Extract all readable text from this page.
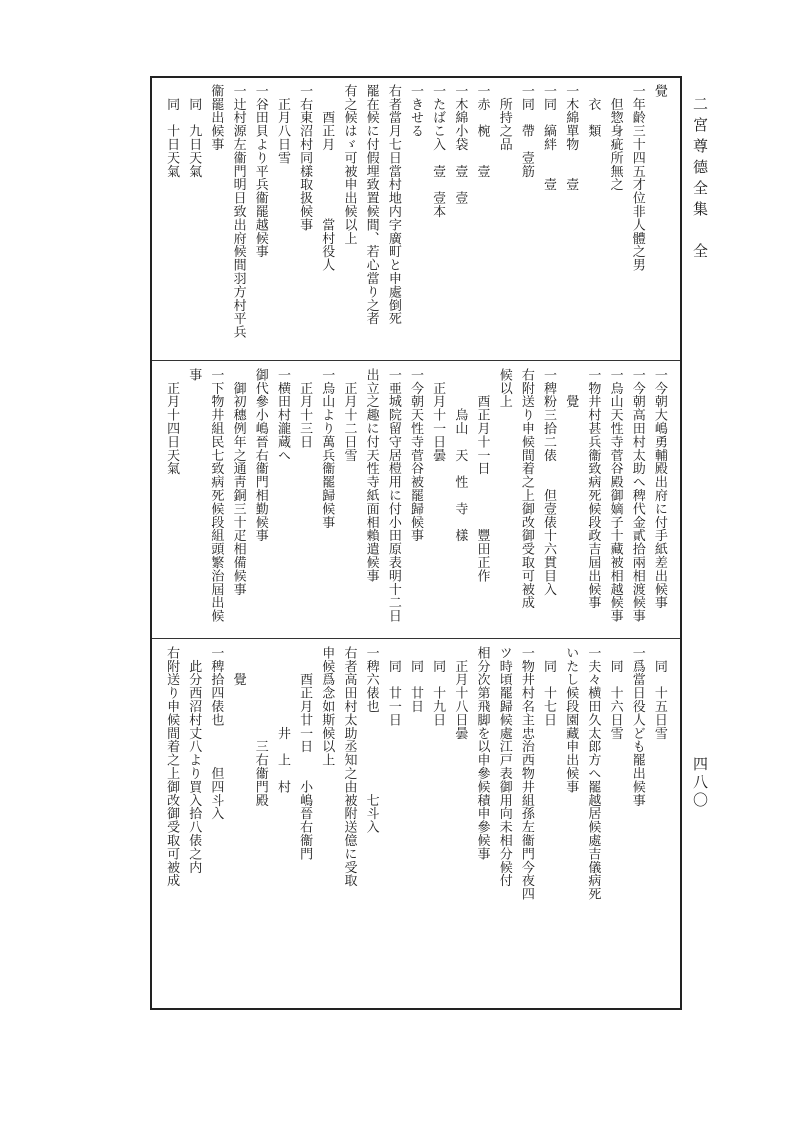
二宮尊德全集　全
四八〇
覺
一年齡三十四五才位非人體之男
　但惣身疵所無之
　衣　類
一木綿單物　　壹
一同　縞絆　　壹
一同　帶　壹筋
　所持之品
一赤　椀　　壹
一木綿小袋　壹　壹
一たばこ入　壹　壹本
一きせる
右者當月七日當村地内字廣町と申處倒死
罷在候に付假埋致置候間、若心當り之者
有之候はゞ可被申出候以上
　　酉正月　　　　　當村役人
一右東沼村同樣取扱候事
　正月八日雪
一谷田貝より平兵衞罷越候事
一辻村源左衞門明日致出府候間羽方村平兵
衞罷出候事
　同　九日天氣
　同　十日天氣
一今朝大嶋勇輔殿出府に付手紙差出候事
一今朝高田村太助へ稗代金貳拾兩相渡候事
一烏山天性寺菅谷殿御嫡子十藏被相越候事
一物井村甚兵衞致病死候段政吉屆出候事
　　覺
一稗粉三拾二俵　　但壹俵十六貫目入
右附送り申候間着之上御改御受取可被成
候以上
　　酉正月十一日　　　　豐田正作
　　　烏山　天　性　寺　樣
　正月十一日曇
一今朝天性寺菅谷被罷歸候事
一亜城院留守居榿用に付小田原表明十二日
出立之趣に付天性寺紙面相賴遣候事
　正月十二日雪
一烏山より萬兵衞罷歸候事
　正月十三日
一横田村瀧蔵へ
御代參小嶋晉右衞門相勤候事
　御初穗例年之通靑銅三十疋相備候事
一下物井組民七致病死候段組頭繁治屆出候
事
　正月十四日天氣
　同　十五日雪
一爲當日役人ども罷出候事
　同　十六日雪
一夫々横田久太郎方へ罷越居候處吉儀病死
いたし候段園藏申出候事
　同　十七日
一物井村名主忠治西物井組孫左衞門今夜四
ツ時頃罷歸候處江戸表御用向未相分候付
相分次第飛脚を以申參候積申參候事
　正月十八日曇
　同　十九日
　同　廿日
　同　廿一日
一稗六俵也　　　　　　七斗入
右者高田村太助丞知之由被附送億に受取
申候爲念如斯候以上
　　酉正月廿一日　　小嶋晉右衞門
　　　　　　井　上　村
　　　　　　　三右衞門殿
　　覺
一稗拾四俵也　　　但四斗入
　此分西沼村丈八より買入拾八俵之内
右附送り申候間着之上御改御受取可被成
